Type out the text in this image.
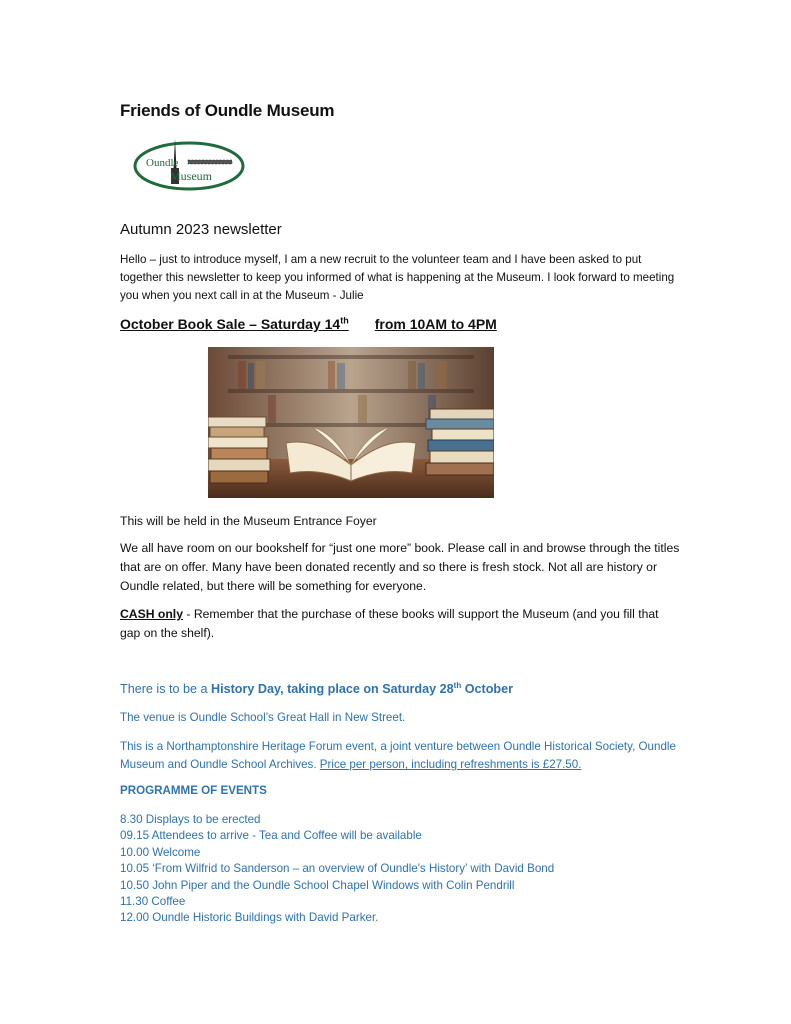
Friends of Oundle Museum
Oundle
Museum
Autumn 2023 newsletter
Hello – just to introduce myself, I am a new recruit to the volunteer team and I have been asked to put together this newsletter to keep you informed of what is happening at the Museum. I look forward to meeting you when you next call in at the Museum - Julie
October Book Sale – Saturday 14th from 10AM to 4PM
This will be held in the Museum Entrance Foyer
We all have room on our bookshelf for “just one more” book. Please call in and browse through the titles that are on offer. Many have been donated recently and so there is fresh stock. Not all are history or Oundle related, but there will be something for everyone.
CASH only - Remember that the purchase of these books will support the Museum (and you fill that gap on the shelf).
There is to be a History Day, taking place on Saturday 28th October
The venue is Oundle School’s Great Hall in New Street.
This is a Northamptonshire Heritage Forum event, a joint venture between Oundle Historical Society, Oundle Museum and Oundle School Archives. Price per person, including refreshments is £27.50.
PROGRAMME OF EVENTS
8.30 Displays to be erected
09.15 Attendees to arrive - Tea and Coffee will be available
10.00 Welcome
10.05 ‘From Wilfrid to Sanderson – an overview of Oundle's History’ with David Bond
10.50 John Piper and the Oundle School Chapel Windows with Colin Pendrill
11.30 Coffee
12.00 Oundle Historic Buildings with David Parker.
